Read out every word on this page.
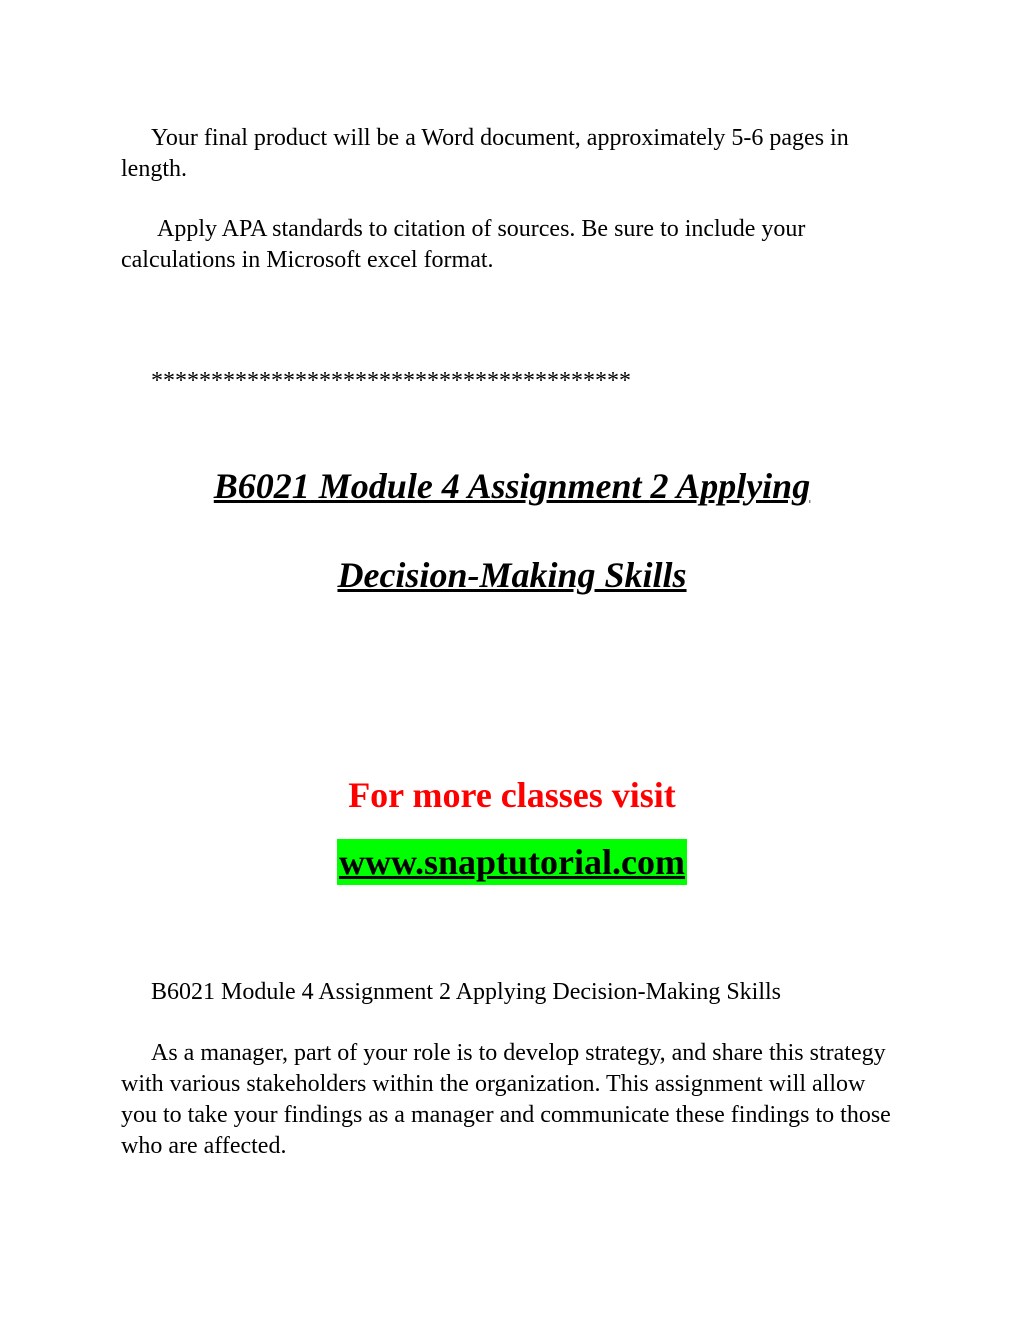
Your final product will be a Word document, approximately 5-6 pages in length.

Apply APA standards to citation of sources. Be sure to include your calculations in Microsoft excel format.

****************************************
B6021 Module 4 Assignment 2 Applying
Decision-Making Skills
For more classes visit
www.snaptutorial.com

B6021 Module 4 Assignment 2 Applying Decision-Making Skills

As a manager, part of your role is to develop strategy, and share this strategy with various stakeholders within the organization. This assignment will allow you to take your findings as a manager and communicate these findings to those who are affected.
